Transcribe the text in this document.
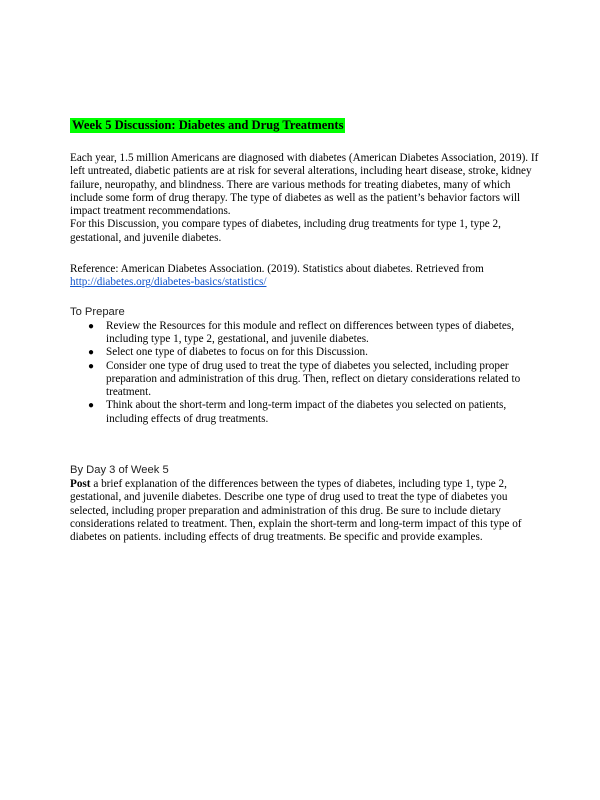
Week 5 Discussion: Diabetes and Drug Treatments

Each year, 1.5 million Americans are diagnosed with diabetes (American Diabetes Association, 2019). If left untreated, diabetic patients are at risk for several alterations, including heart disease, stroke, kidney failure, neuropathy, and blindness. There are various methods for treating diabetes, many of which include some form of drug therapy. The type of diabetes as well as the patient’s behavior factors will impact treatment recommendations.

For this Discussion, you compare types of diabetes, including drug treatments for type 1, type 2, gestational, and juvenile diabetes.

Reference: American Diabetes Association. (2019). Statistics about diabetes. Retrieved from
http://diabetes.org/diabetes-basics/statistics/

To Prepare
● Review the Resources for this module and reflect on differences between types of diabetes, including type 1, type 2, gestational, and juvenile diabetes.
● Select one type of diabetes to focus on for this Discussion.
● Consider one type of drug used to treat the type of diabetes you selected, including proper preparation and administration of this drug. Then, reflect on dietary considerations related to treatment.
● Think about the short-term and long-term impact of the diabetes you selected on patients, including effects of drug treatments.
By Day 3 of Week 5

Post a brief explanation of the differences between the types of diabetes, including type 1, type 2, gestational, and juvenile diabetes. Describe one type of drug used to treat the type of diabetes you selected, including proper preparation and administration of this drug. Be sure to include dietary considerations related to treatment. Then, explain the short-term and long-term impact of this type of diabetes on patients. including effects of drug treatments. Be specific and provide examples.
